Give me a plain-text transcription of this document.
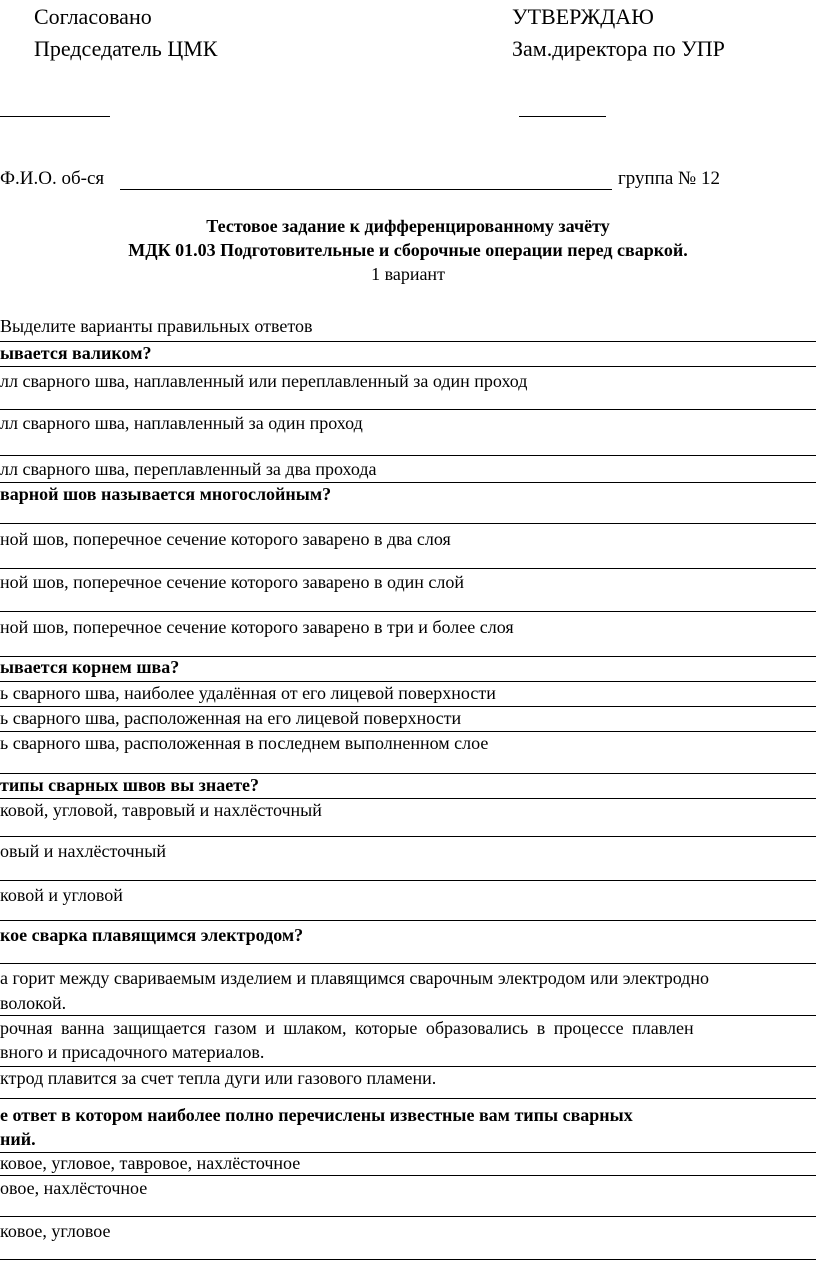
Согласовано
Председатель ЦМК
УТВЕРЖДАЮ
Зам.директора по УПР
Ф.И.О. об-ся	группа № 12
Тестовое задание к дифференцированному зачёту
МДК 01.03 Подготовительные и сборочные операции перед сваркой.
1 вариант
Выделите варианты правильных ответов
ывается валиком?
лл сварного шва, наплавленный или переплавленный за один проход
лл сварного шва, наплавленный за один проход
лл сварного шва, переплавленный за два прохода
варной шов называется многослойным?
ной шов, поперечное сечение которого заварено в два слоя
ной шов, поперечное сечение которого заварено в один слой
ной шов, поперечное сечение которого заварено в три и более слоя
ывается корнем шва?
ь сварного шва, наиболее удалённая от его лицевой поверхности
ь сварного шва, расположенная на его лицевой поверхности
ь сварного шва, расположенная в последнем выполненном слое
типы сварных швов вы знаете?
ковой, угловой, тавровый и нахлёсточный
овый и нахлёсточный
ковой и угловой
кое сварка плавящимся электродом?
а горит между свариваемым изделием и плавящимся сварочным электродом или электродно
волокой.
рочная ванна защищается газом и шлаком, которые образовались в процессе плавлен
вного и присадочного материалов.
ктрод плавится за счет тепла дуги или газового пламени.
е ответ в котором наиболее полно перечислены известные вам типы сварных
ний.
ковое, угловое, тавровое, нахлёсточное
овое, нахлёсточное
ковое, угловое
